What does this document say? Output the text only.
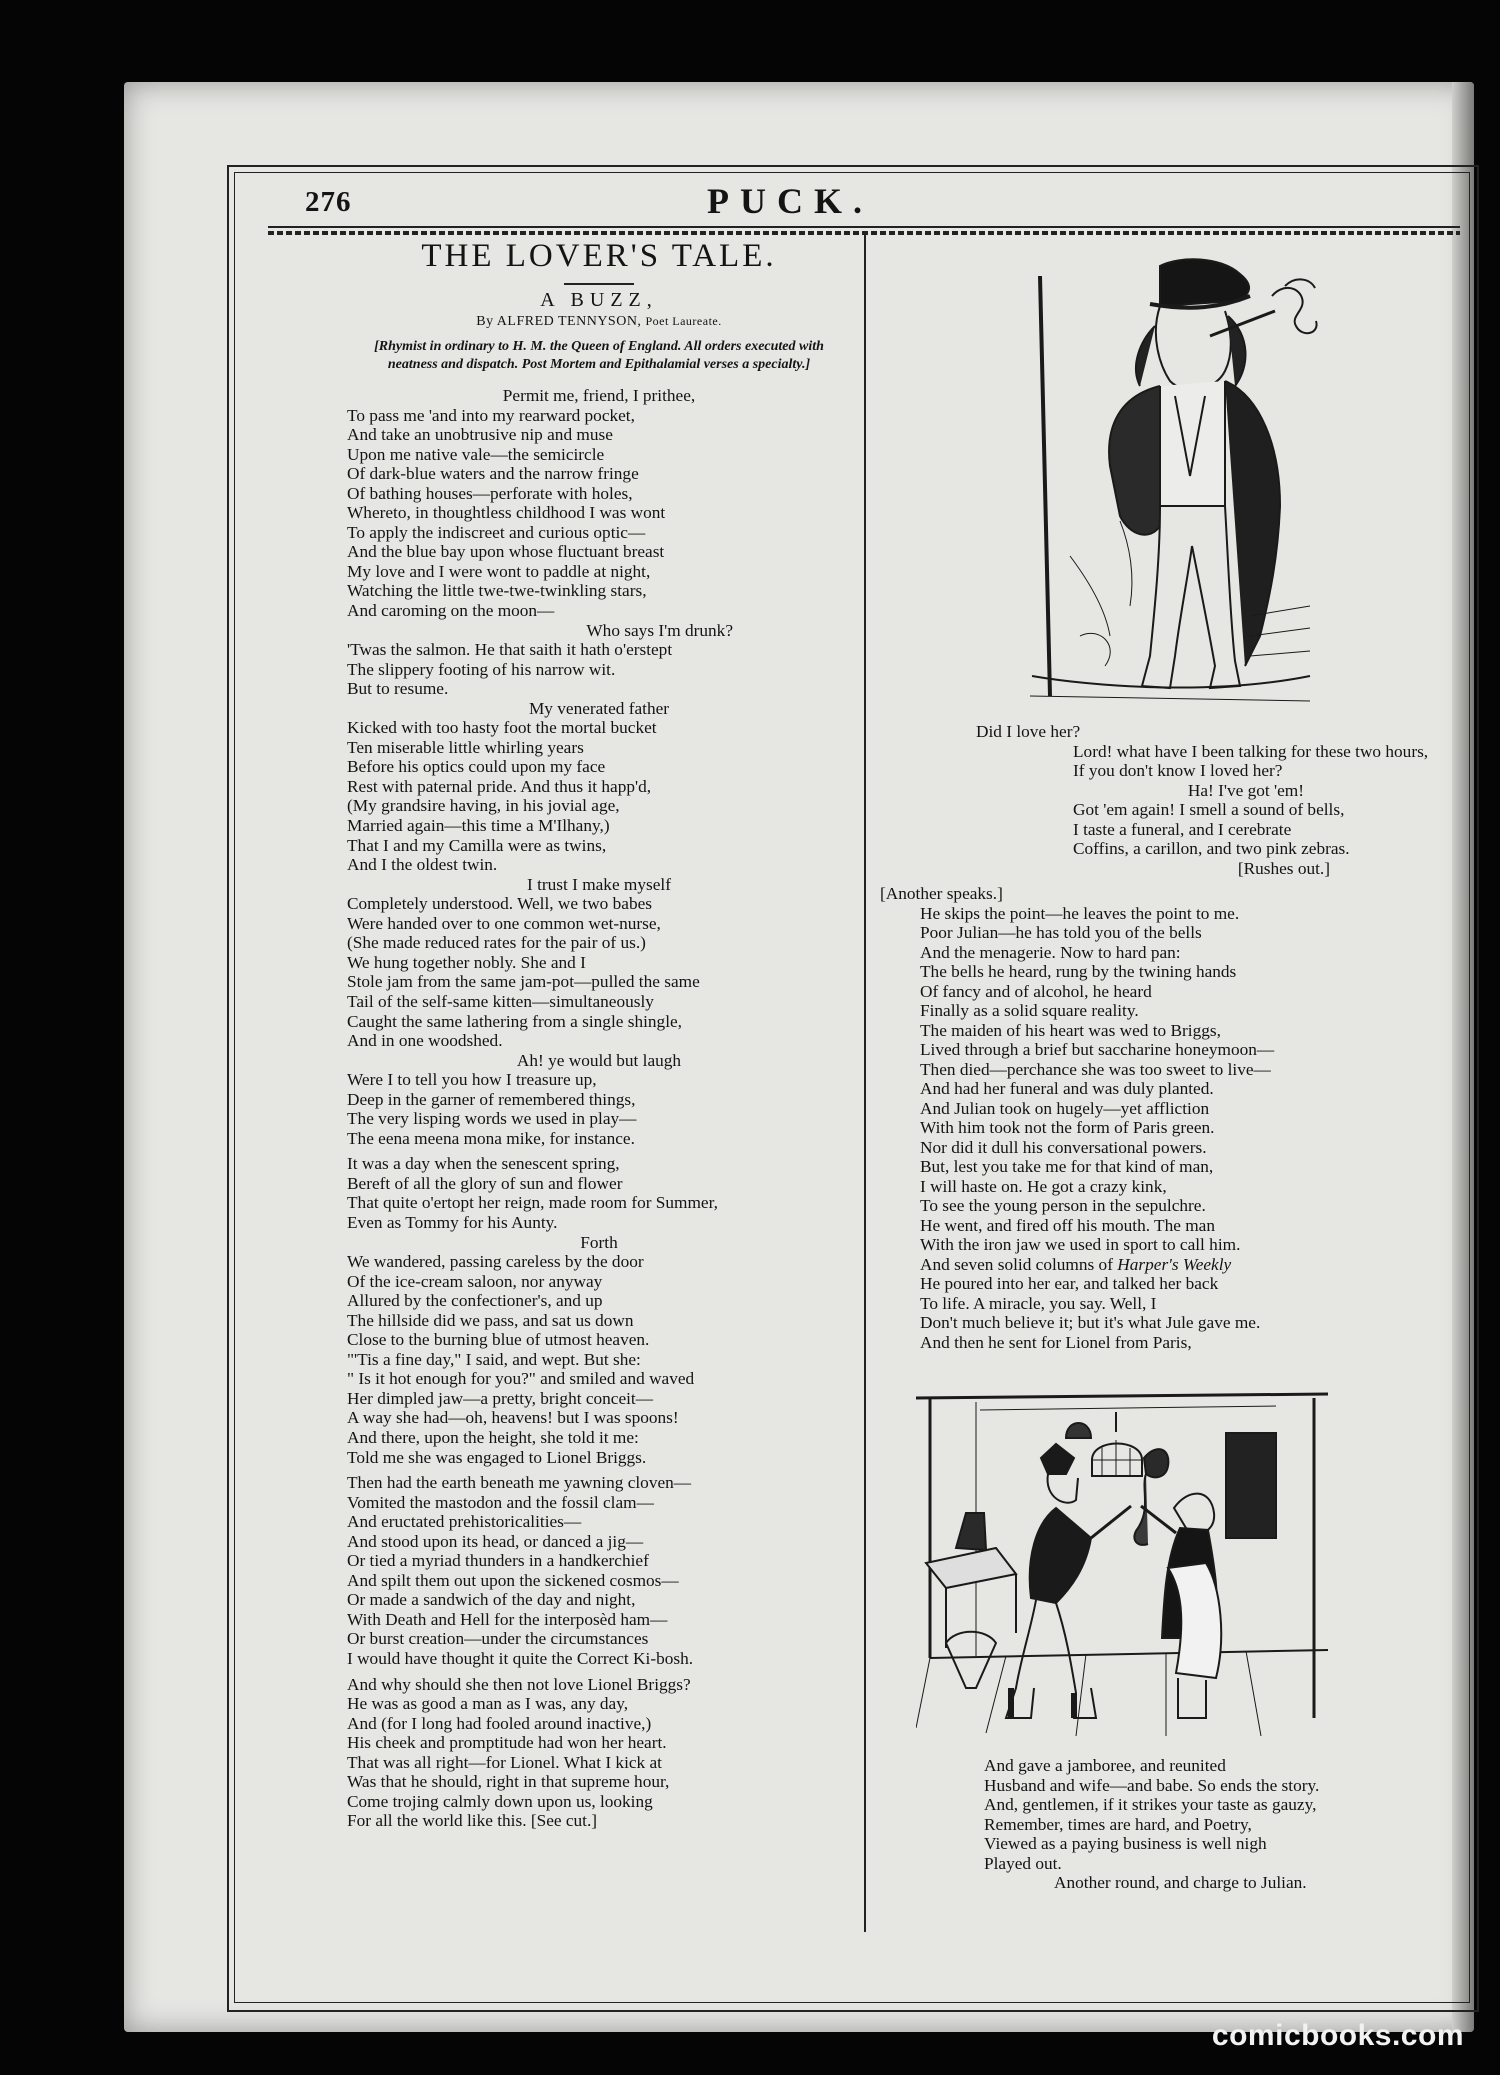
276	PUCK.
THE LOVER'S TALE.
A BUZZ,
By ALFRED TENNYSON, Poet Laureate.
[Rhymist in ordinary to H. M. the Queen of England. All orders executed with neatness and dispatch. Post Mortem and Epithalamial verses a specialty.]
Permit me, friend, I prithee,
To pass me 'and into my rearward pocket,
And take an unobtrusive nip and muse
Upon me native vale—the semicircle
Of dark-blue waters and the narrow fringe
Of bathing houses—perforate with holes,
Whereto, in thoughtless childhood I was wont
To apply the indiscreet and curious optic—
And the blue bay upon whose fluctuant breast
My love and I were wont to paddle at night,
Watching the little twe-twe-twinkling stars,
And caroming on the moon—
Who says I'm drunk?
'Twas the salmon. He that saith it hath o'erstept
The slippery footing of his narrow wit.
But to resume.
My venerated father
Kicked with too hasty foot the mortal bucket
Ten miserable little whirling years
Before his optics could upon my face
Rest with paternal pride. And thus it happ'd,
(My grandsire having, in his jovial age,
Married again—this time a M'Ilhany,)
That I and my Camilla were as twins,
And I the oldest twin.
I trust I make myself
Completely understood. Well, we two babes
Were handed over to one common wet-nurse,
(She made reduced rates for the pair of us.)
We hung together nobly. She and I
Stole jam from the same jam-pot—pulled the same
Tail of the self-same kitten—simultaneously
Caught the same lathering from a single shingle,
And in one woodshed.
Ah! ye would but laugh
Were I to tell you how I treasure up,
Deep in the garner of remembered things,
The very lisping words we used in play—
The eena meena mona mike, for instance.
It was a day when the senescent spring,
Bereft of all the glory of sun and flower
That quite o'ertopt her reign, made room for Summer,
Even as Tommy for his Aunty.
Forth
We wandered, passing careless by the door
Of the ice-cream saloon, nor anyway
Allured by the confectioner's, and up
The hillside did we pass, and sat us down
Close to the burning blue of utmost heaven.
"'Tis a fine day," I said, and wept. But she:
" Is it hot enough for you?" and smiled and waved
Her dimpled jaw—a pretty, bright conceit—
A way she had—oh, heavens! but I was spoons!
And there, upon the height, she told it me:
Told me she was engaged to Lionel Briggs.
Then had the earth beneath me yawning cloven—
Vomited the mastodon and the fossil clam—
And eructated prehistoricalities—
And stood upon its head, or danced a jig—
Or tied a myriad thunders in a handkerchief
And spilt them out upon the sickened cosmos—
Or made a sandwich of the day and night,
With Death and Hell for the interposèd ham—
Or burst creation—under the circumstances
I would have thought it quite the Correct Ki-bosh.
And why should she then not love Lionel Briggs?
He was as good a man as I was, any day,
And (for I long had fooled around inactive,)
His cheek and promptitude had won her heart.
That was all right—for Lionel. What I kick at
Was that he should, right in that supreme hour,
Come trojing calmly down upon us, looking
For all the world like this. [See cut.]
Did I love her?
Lord! what have I been talking for these two hours,
If you don't know I loved her?
Ha! I've got 'em!
Got 'em again! I smell a sound of bells,
I taste a funeral, and I cerebrate
Coffins, a carillon, and two pink zebras.
[Rushes out.]
[Another speaks.]
He skips the point—he leaves the point to me.
Poor Julian—he has told you of the bells
And the menagerie. Now to hard pan:
The bells he heard, rung by the twining hands
Of fancy and of alcohol, he heard
Finally as a solid square reality.
The maiden of his heart was wed to Briggs,
Lived through a brief but saccharine honeymoon—
Then died—perchance she was too sweet to live—
And had her funeral and was duly planted.
And Julian took on hugely—yet affliction
With him took not the form of Paris green.
Nor did it dull his conversational powers.
But, lest you take me for that kind of man,
I will haste on. He got a crazy kink,
To see the young person in the sepulchre.
He went, and fired off his mouth. The man
With the iron jaw we used in sport to call him.
And seven solid columns of Harper's Weekly
He poured into her ear, and talked her back
To life. A miracle, you say. Well, I
Don't much believe it; but it's what Jule gave me.
And then he sent for Lionel from Paris,
And gave a jamboree, and reunited
Husband and wife—and babe. So ends the story.
And, gentlemen, if it strikes your taste as gauzy,
Remember, times are hard, and Poetry,
Viewed as a paying business is well nigh
Played out.
Another round, and charge to Julian.
comicbooks.com
